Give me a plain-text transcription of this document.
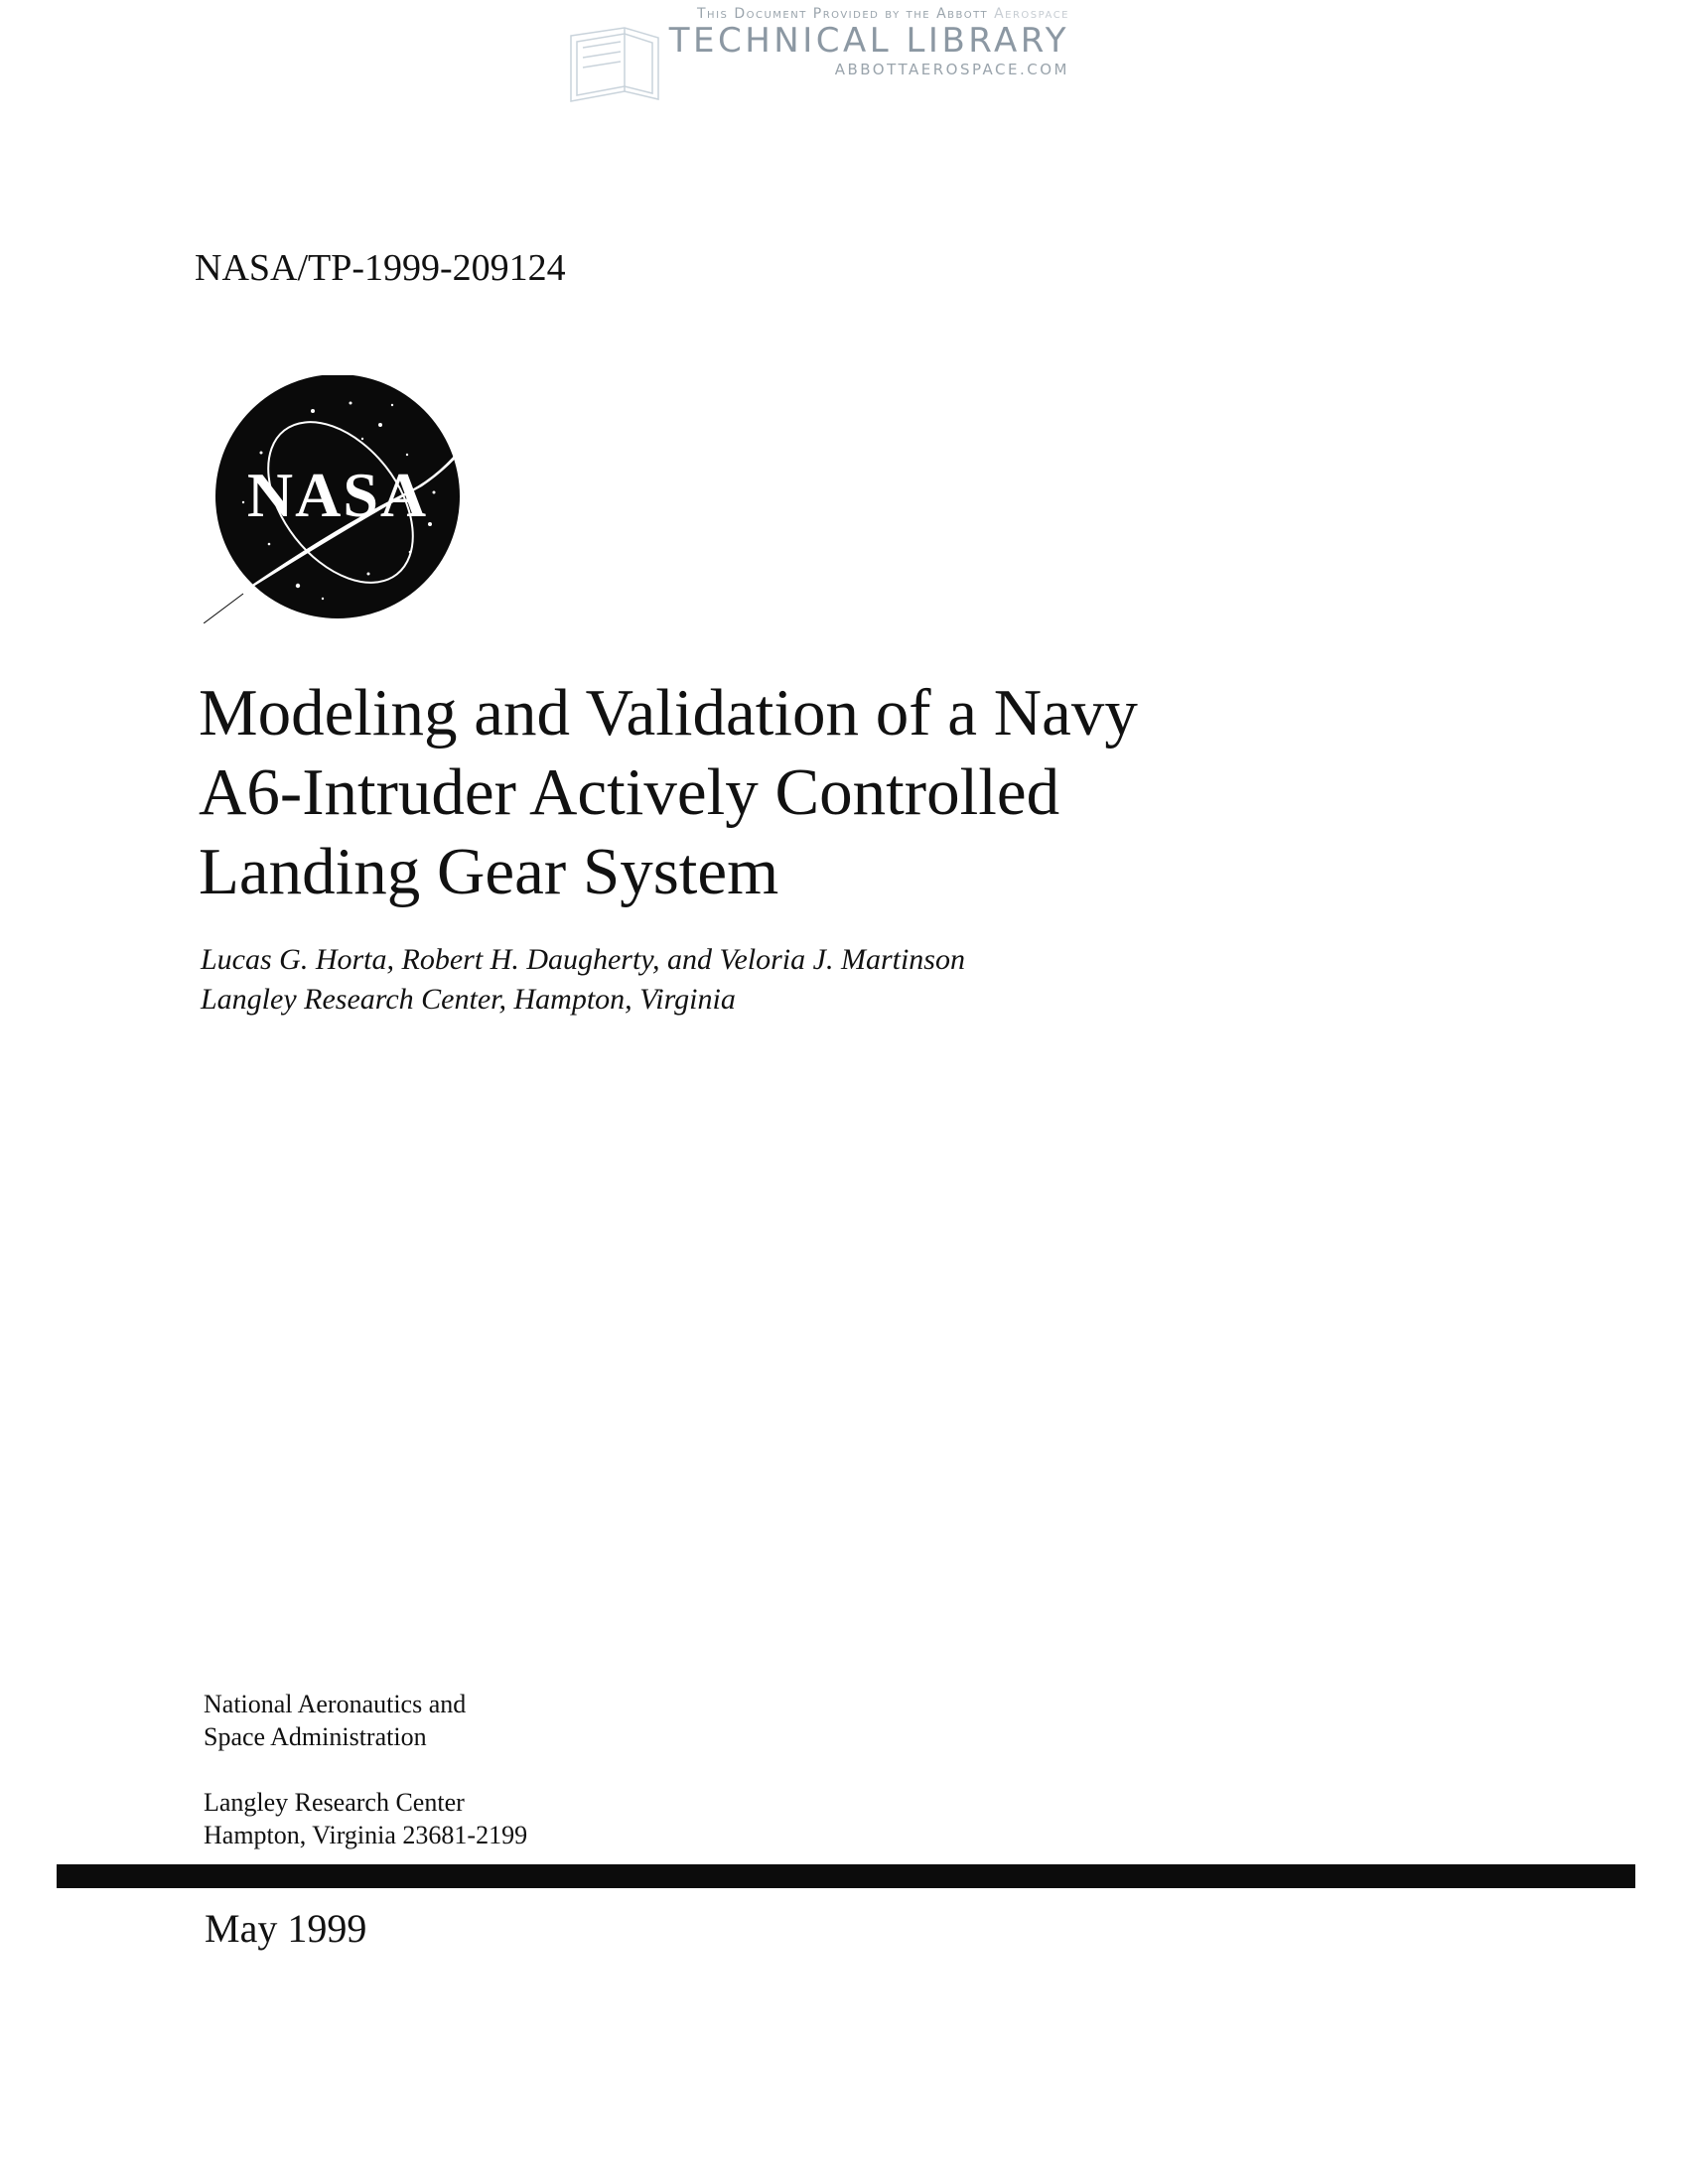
This Document Provided by the Abbott Aerospace
TECHNICAL LIBRARY
ABBOTTAEROSPACE.COM
NASA/TP-1999-209124
NASA
Modeling and Validation of a Navy
A6-Intruder Actively Controlled
Landing Gear System
Lucas G. Horta, Robert H. Daugherty, and Veloria J. Martinson
Langley Research Center, Hampton, Virginia
National Aeronautics and
Space Administration
Langley Research Center
Hampton, Virginia 23681-2199
May 1999
